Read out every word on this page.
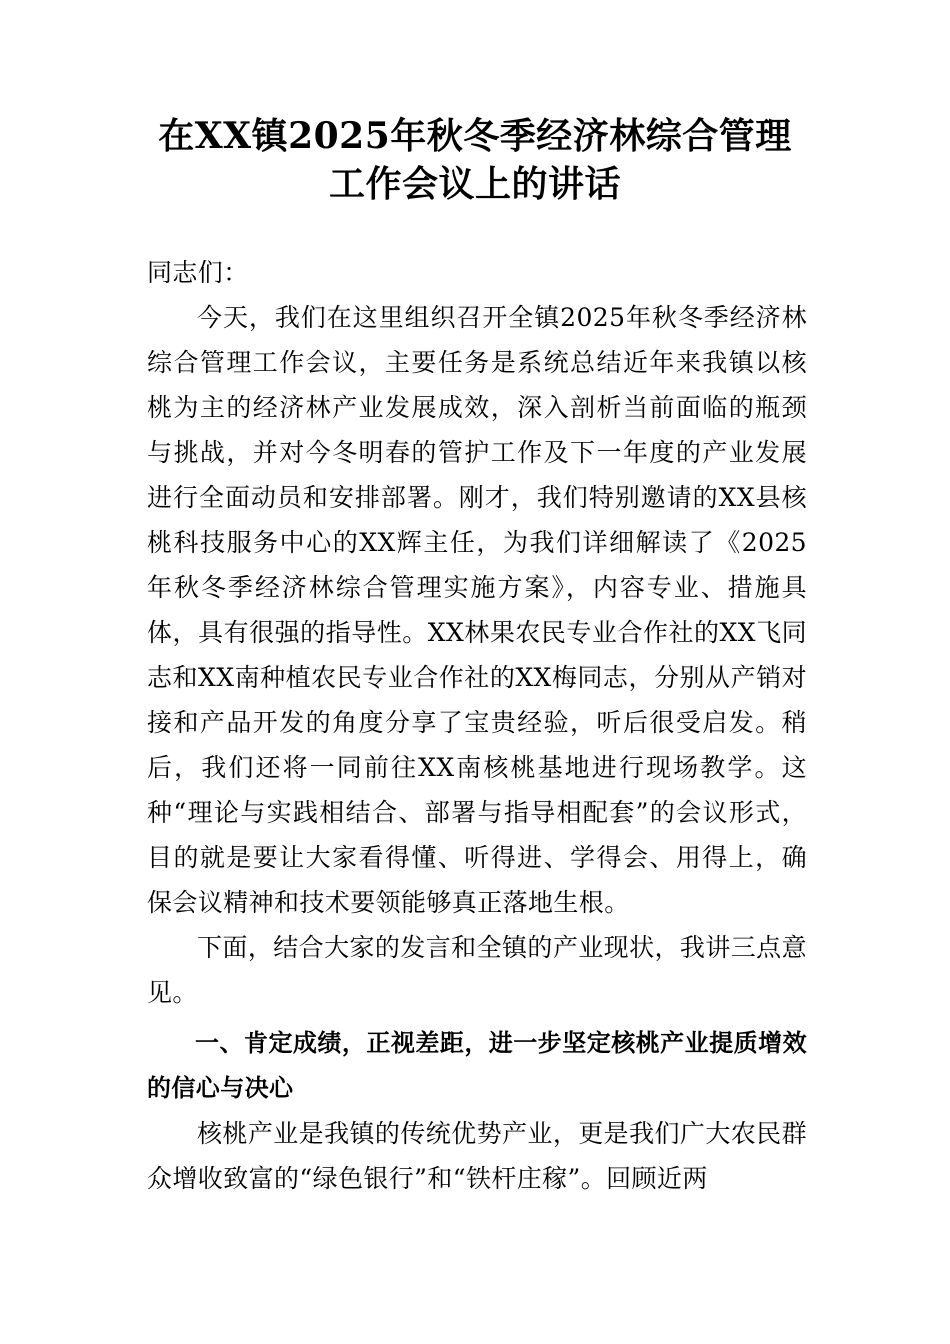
在XX镇2025年秋冬季经济林综合管理工作会议上的讲话

同志们：

今天，我们在这里组织召开全镇2025年秋冬季经济林综合管理工作会议，主要任务是系统总结近年来我镇以核桃为主的经济林产业发展成效，深入剖析当前面临的瓶颈与挑战，并对今冬明春的管护工作及下一年度的产业发展进行全面动员和安排部署。刚才，我们特别邀请的XX县核桃科技服务中心的XX辉主任，为我们详细解读了《2025年秋冬季经济林综合管理实施方案》，内容专业、措施具体，具有很强的指导性。XX林果农民专业合作社的XX飞同志和XX南种植农民专业合作社的XX梅同志，分别从产销对接和产品开发的角度分享了宝贵经验，听后很受启发。稍后，我们还将一同前往XX南核桃基地进行现场教学。这种“理论与实践相结合、部署与指导相配套”的会议形式，目的就是要让大家看得懂、听得进、学得会、用得上，确保会议精神和技术要领能够真正落地生根。

下面，结合大家的发言和全镇的产业现状，我讲三点意见。

一、肯定成绩，正视差距，进一步坚定核桃产业提质增效的信心与决心

核桃产业是我镇的传统优势产业，更是我们广大农民群众增收致富的“绿色银行”和“铁杆庄稼”。回顾近两
